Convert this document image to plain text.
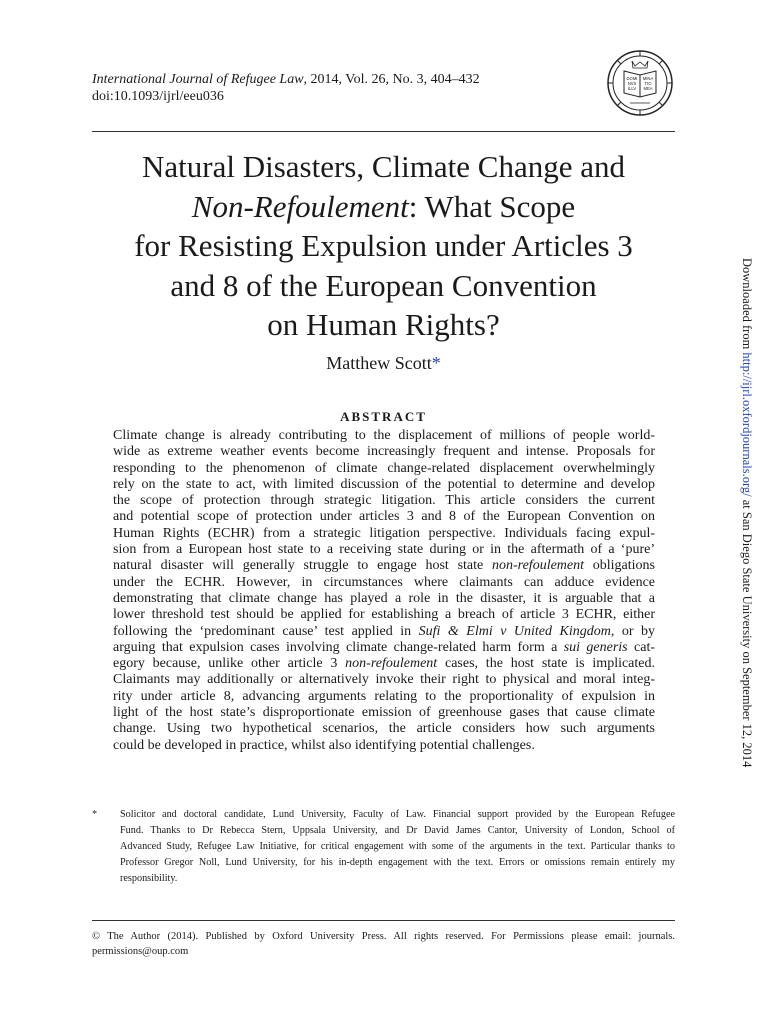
International Journal of Refugee Law, 2014, Vol. 26, No. 3, 404–432
doi:10.1093/ijrl/eeu036
DOMI
NVS
ILLV
MINA
TIO
MEA
Natural Disasters, Climate Change and
Non-Refoulement: What Scope
for Resisting Expulsion under Articles 3
and 8 of the European Convention
on Human Rights?
Matthew Scott*
ABSTRACT
Climate change is already contributing to the displacement of millions of people world-
wide as extreme weather events become increasingly frequent and intense. Proposals for
responding to the phenomenon of climate change-related displacement overwhelmingly
rely on the state to act, with limited discussion of the potential to determine and develop
the scope of protection through strategic litigation. This article considers the current
and potential scope of protection under articles 3 and 8 of the European Convention on
Human Rights (ECHR) from a strategic litigation perspective. Individuals facing expul-
sion from a European host state to a receiving state during or in the aftermath of a ‘pure’
natural disaster will generally struggle to engage host state non-refoulement obligations
under the ECHR. However, in circumstances where claimants can adduce evidence
demonstrating that climate change has played a role in the disaster, it is arguable that a
lower threshold test should be applied for establishing a breach of article 3 ECHR, either
following the ‘predominant cause’ test applied in Sufi & Elmi v United Kingdom, or by
arguing that expulsion cases involving climate change-related harm form a sui generis cat-
egory because, unlike other article 3 non-refoulement cases, the host state is implicated.
Claimants may additionally or alternatively invoke their right to physical and moral integ-
rity under article 8, advancing arguments relating to the proportionality of expulsion in
light of the host state’s disproportionate emission of greenhouse gases that cause climate
change. Using two hypothetical scenarios, the article considers how such arguments
could be developed in practice, whilst also identifying potential challenges.
* Solicitor and doctoral candidate, Lund University, Faculty of Law. Financial support provided by the European Refugee
Fund. Thanks to Dr Rebecca Stern, Uppsala University, and Dr David James Cantor, University of London, School of
Advanced Study, Refugee Law Initiative, for critical engagement with some of the arguments in the text. Particular thanks to
Professor Gregor Noll, Lund University, for his in-depth engagement with the text. Errors or omissions remain entirely my
responsibility.
© The Author (2014). Published by Oxford University Press. All rights reserved. For Permissions please email: journals.
permissions@oup.com
Downloaded from http://ijrl.oxfordjournals.org/ at San Diego State University on September 12, 2014
